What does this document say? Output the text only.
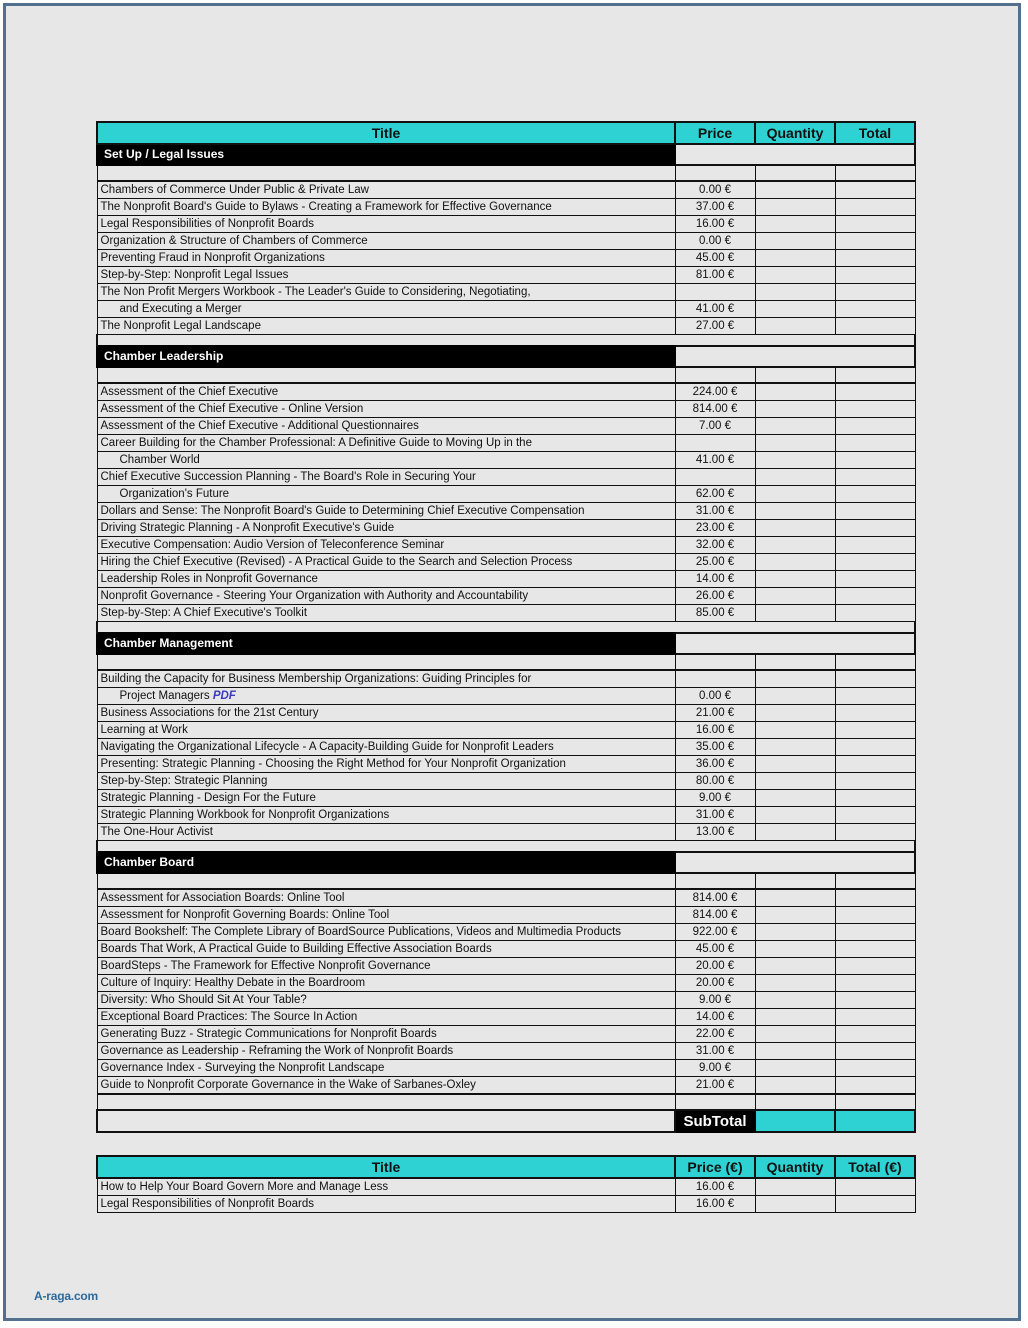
Title	Price	Quantity	Total
Set Up / Legal Issues			

Chambers of Commerce Under Public & Private Law	0.00 €		
The Nonprofit Board's Guide to Bylaws - Creating a Framework for Effective Governance	37.00 €		
Legal Responsibilities of Nonprofit Boards	16.00 €		
Organization & Structure of Chambers of Commerce	0.00 €		
Preventing Fraud in Nonprofit Organizations	45.00 €		
Step-by-Step: Nonprofit Legal Issues	81.00 €		
The Non Profit Mergers Workbook - The Leader's Guide to Considering, Negotiating,			
and Executing a Merger	41.00 €		
The Nonprofit Legal Landscape	27.00 €		

Chamber Leadership			

Assessment of the Chief Executive	224.00 €		
Assessment of the Chief Executive - Online Version	814.00 €		
Assessment of the Chief Executive - Additional Questionnaires	7.00 €		
Career Building for the Chamber Professional: A Definitive Guide to Moving Up in the			
Chamber World	41.00 €		
Chief Executive Succession Planning - The Board's Role in Securing Your			
Organization's Future	62.00 €		
Dollars and Sense: The Nonprofit Board's Guide to Determining Chief Executive Compensation	31.00 €		
Driving Strategic Planning - A Nonprofit Executive's Guide	23.00 €		
Executive Compensation: Audio Version of Teleconference Seminar	32.00 €		
Hiring the Chief Executive (Revised) - A Practical Guide to the Search and Selection Process	25.00 €		
Leadership Roles in Nonprofit Governance	14.00 €		
Nonprofit Governance - Steering Your Organization with Authority and Accountability	26.00 €		
Step-by-Step: A Chief Executive's Toolkit	85.00 €		

Chamber Management			

Building the Capacity for Business Membership Organizations: Guiding Principles for			
Project Managers PDF	0.00 €		
Business Associations for the 21st Century	21.00 €		
Learning at Work	16.00 €		
Navigating the Organizational Lifecycle - A Capacity-Building Guide for Nonprofit Leaders	35.00 €		
Presenting: Strategic Planning - Choosing the Right Method for Your Nonprofit Organization	36.00 €		
Step-by-Step: Strategic Planning	80.00 €		
Strategic Planning - Design For the Future	9.00 €		
Strategic Planning Workbook for Nonprofit Organizations	31.00 €		
The One-Hour Activist	13.00 €		

Chamber Board			

Assessment for Association Boards: Online Tool	814.00 €		
Assessment for Nonprofit Governing Boards: Online Tool	814.00 €		
Board Bookshelf: The Complete Library of BoardSource Publications, Videos and Multimedia Products	922.00 €		
Boards That Work, A Practical Guide to Building Effective Association Boards	45.00 €		
BoardSteps - The Framework for Effective Nonprofit Governance	20.00 €		
Culture of Inquiry: Healthy Debate in the Boardroom	20.00 €		
Diversity: Who Should Sit At Your Table?	9.00 €		
Exceptional Board Practices: The Source In Action	14.00 €		
Generating Buzz - Strategic Communications for Nonprofit Boards	22.00 €		
Governance as Leadership - Reframing the Work of Nonprofit Boards	31.00 €		
Governance Index - Surveying the Nonprofit Landscape	9.00 €		
Guide to Nonprofit Corporate Governance in the Wake of Sarbanes-Oxley	21.00 €		

	SubTotal		
Title	Price (€)	Quantity	Total (€)
How to Help Your Board Govern More and Manage Less	16.00 €		
Legal Responsibilities of Nonprofit Boards	16.00 €		
A-raga.com
